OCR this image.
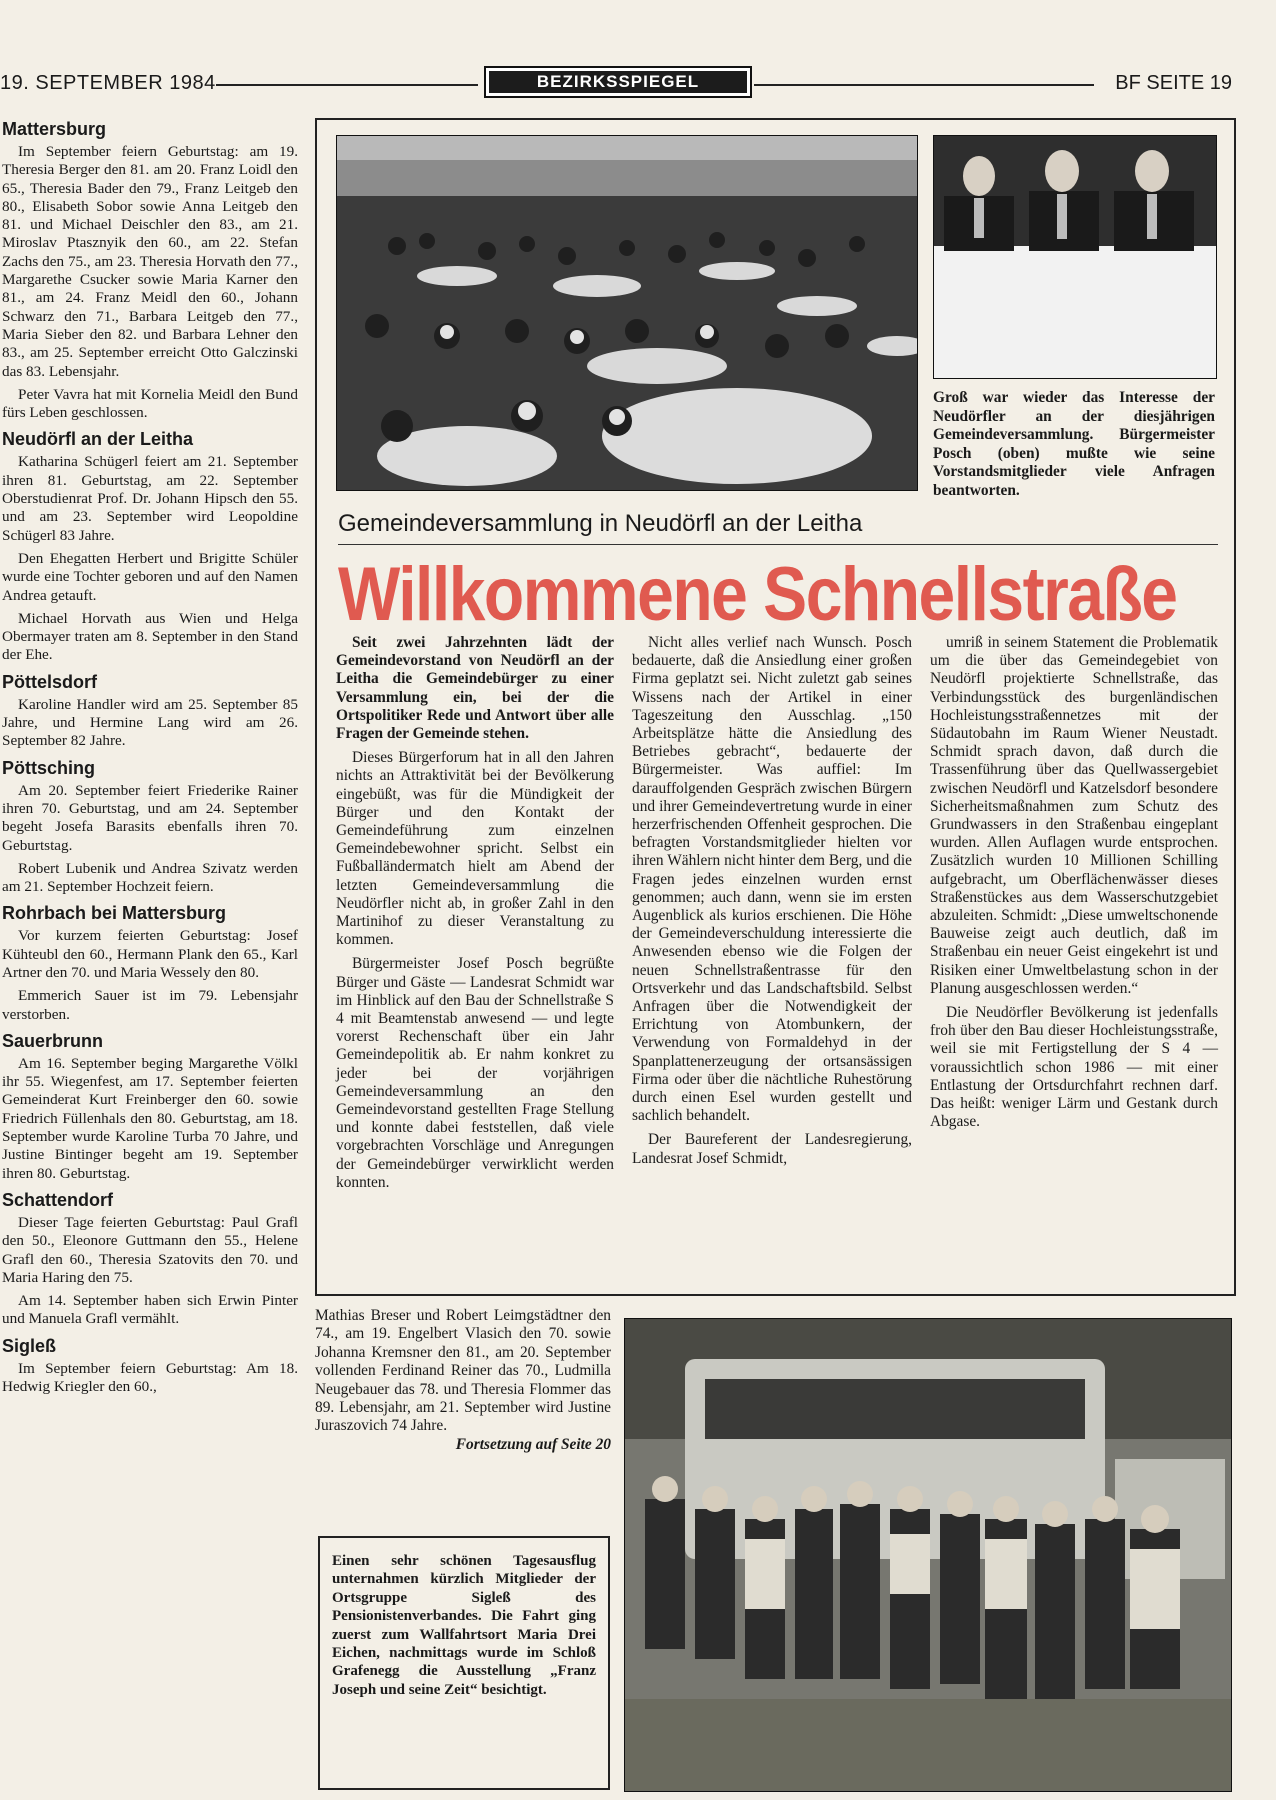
19. SEPTEMBER 1984	BEZIRKSSPIEGEL	BF SEITE 19
Mattersburg

Im September feiern Geburtstag: am 19. Theresia Berger den 81. am 20. Franz Loidl den 65., Theresia Bader den 79., Franz Leitgeb den 80., Elisabeth Sobor sowie Anna Leitgeb den 81. und Michael Deischler den 83., am 21. Miroslav Ptasznyik den 60., am 22. Stefan Zachs den 75., am 23. Theresia Horvath den 77., Margarethe Csucker sowie Maria Karner den 81., am 24. Franz Meidl den 60., Johann Schwarz den 71., Barbara Leitgeb den 77., Maria Sieber den 82. und Barbara Lehner den 83., am 25. September erreicht Otto Galczinski das 83. Lebensjahr.

Peter Vavra hat mit Kornelia Meidl den Bund fürs Leben geschlossen.

Neudörfl an der Leitha

Katharina Schügerl feiert am 21. September ihren 81. Geburtstag, am 22. September Oberstudienrat Prof. Dr. Johann Hipsch den 55. und am 23. September wird Leopoldine Schügerl 83 Jahre.

Den Ehegatten Herbert und Brigitte Schüler wurde eine Tochter geboren und auf den Namen Andrea getauft.

Michael Horvath aus Wien und Helga Obermayer traten am 8. September in den Stand der Ehe.

Pöttelsdorf

Karoline Handler wird am 25. September 85 Jahre, und Hermine Lang wird am 26. September 82 Jahre.

Pöttsching

Am 20. September feiert Friederike Rainer ihren 70. Geburtstag, und am 24. September begeht Josefa Barasits ebenfalls ihren 70. Geburtstag.

Robert Lubenik und Andrea Szivatz werden am 21. September Hochzeit feiern.

Rohrbach bei Mattersburg

Vor kurzem feierten Geburtstag: Josef Kühteubl den 60., Hermann Plank den 65., Karl Artner den 70. und Maria Wessely den 80.

Emmerich Sauer ist im 79. Lebensjahr verstorben.

Sauerbrunn

Am 16. September beging Margarethe Völkl ihr 55. Wiegenfest, am 17. September feierten Gemeinderat Kurt Freinberger den 60. sowie Friedrich Füllenhals den 80. Geburtstag, am 18. September wurde Karoline Turba 70 Jahre, und Justine Bintinger begeht am 19. September ihren 80. Geburtstag.

Schattendorf

Dieser Tage feierten Geburtstag: Paul Grafl den 50., Eleonore Guttmann den 55., Helene Grafl den 60., Theresia Szatovits den 70. und Maria Haring den 75.

Am 14. September haben sich Erwin Pinter und Manuela Grafl vermählt.

Sigleß

Im September feiern Geburtstag: Am 18. Hedwig Kriegler den 60.,

Groß war wieder das Interesse der Neudörfler an der diesjährigen Gemeindeversammlung. Bürgermeister Posch (oben) mußte wie seine Vorstandsmitglieder viele Anfragen beantworten.
Gemeindeversammlung in Neudörfl an der Leitha
Willkommene Schnellstraße

Seit zwei Jahrzehnten lädt der Gemeindevorstand von Neudörfl an der Leitha die Gemeindebürger zu einer Versammlung ein, bei der die Ortspolitiker Rede und Antwort über alle Fragen der Gemeinde stehen.

Dieses Bürgerforum hat in all den Jahren nichts an Attraktivität bei der Bevölkerung eingebüßt, was für die Mündigkeit der Bürger und den Kontakt der Gemeindeführung zum einzelnen Gemeindebewohner spricht. Selbst ein Fußballändermatch hielt am Abend der letzten Gemeindeversammlung die Neudörfler nicht ab, in großer Zahl in den Martinihof zu dieser Veranstaltung zu kommen.

Bürgermeister Josef Posch begrüßte Bürger und Gäste — Landesrat Schmidt war im Hinblick auf den Bau der Schnellstraße S 4 mit Beamtenstab anwesend — und legte vorerst Rechenschaft über ein Jahr Gemeindepolitik ab. Er nahm konkret zu jeder bei der vorjährigen Gemeindeversammlung an den Gemeindevorstand gestellten Frage Stellung und konnte dabei feststellen, daß viele vorgebrachten Vorschläge und Anregungen der Gemeindebürger verwirklicht werden konnten.

Nicht alles verlief nach Wunsch. Posch bedauerte, daß die Ansiedlung einer großen Firma geplatzt sei. Nicht zuletzt gab seines Wissens nach der Artikel in einer Tageszeitung den Ausschlag. „150 Arbeitsplätze hätte die Ansiedlung des Betriebes gebracht“, bedauerte der Bürgermeister. Was auffiel: Im darauffolgenden Gespräch zwischen Bürgern und ihrer Gemeindevertretung wurde in einer herzerfrischenden Offenheit gesprochen. Die befragten Vorstandsmitglieder hielten vor ihren Wählern nicht hinter dem Berg, und die Fragen jedes einzelnen wurden ernst genommen; auch dann, wenn sie im ersten Augenblick als kurios erschienen. Die Höhe der Gemeindeverschuldung interessierte die Anwesenden ebenso wie die Folgen der neuen Schnellstraßentrasse für den Ortsverkehr und das Landschaftsbild. Selbst Anfragen über die Notwendigkeit der Errichtung von Atombunkern, der Verwendung von Formaldehyd in der Spanplattenerzeugung der ortsansässigen Firma oder über die nächtliche Ruhestörung durch einen Esel wurden gestellt und sachlich behandelt.

Der Baureferent der Landesregierung, Landesrat Josef Schmidt,

umriß in seinem Statement die Problematik um die über das Gemeindegebiet von Neudörfl projektierte Schnellstraße, das Verbindungsstück des burgenländischen Hochleistungsstraßennetzes mit der Südautobahn im Raum Wiener Neustadt. Schmidt sprach davon, daß durch die Trassenführung über das Quellwassergebiet zwischen Neudörfl und Katzelsdorf besondere Sicherheitsmaßnahmen zum Schutz des Grundwassers in den Straßenbau eingeplant wurden. Allen Auflagen wurde entsprochen. Zusätzlich wurden 10 Millionen Schilling aufgebracht, um Oberflächenwässer dieses Straßenstückes aus dem Wasserschutzgebiet abzuleiten. Schmidt: „Diese umweltschonende Bauweise zeigt auch deutlich, daß im Straßenbau ein neuer Geist eingekehrt ist und Risiken einer Umweltbelastung schon in der Planung ausgeschlossen werden.“

Die Neudörfler Bevölkerung ist jedenfalls froh über den Bau dieser Hochleistungsstraße, weil sie mit Fertigstellung der S 4 — voraussichtlich schon 1986 — mit einer Entlastung der Ortsdurchfahrt rechnen darf. Das heißt: weniger Lärm und Gestank durch Abgase.

Mathias Breser und Robert Leimgstädtner den 74., am 19. Engelbert Vlasich den 70. sowie Johanna Kremsner den 81., am 20. September vollenden Ferdinand Reiner das 70., Ludmilla Neugebauer das 78. und Theresia Flommer das 89. Lebensjahr, am 21. September wird Justine Juraszovich 74 Jahre.

Fortsetzung auf Seite 20

Einen sehr schönen Tagesausflug unternahmen kürzlich Mitglieder der Ortsgruppe Sigleß des Pensionistenverbandes. Die Fahrt ging zuerst zum Wallfahrtsort Maria Drei Eichen, nachmittags wurde im Schloß Grafenegg die Ausstellung „Franz Joseph und seine Zeit“ besichtigt.
